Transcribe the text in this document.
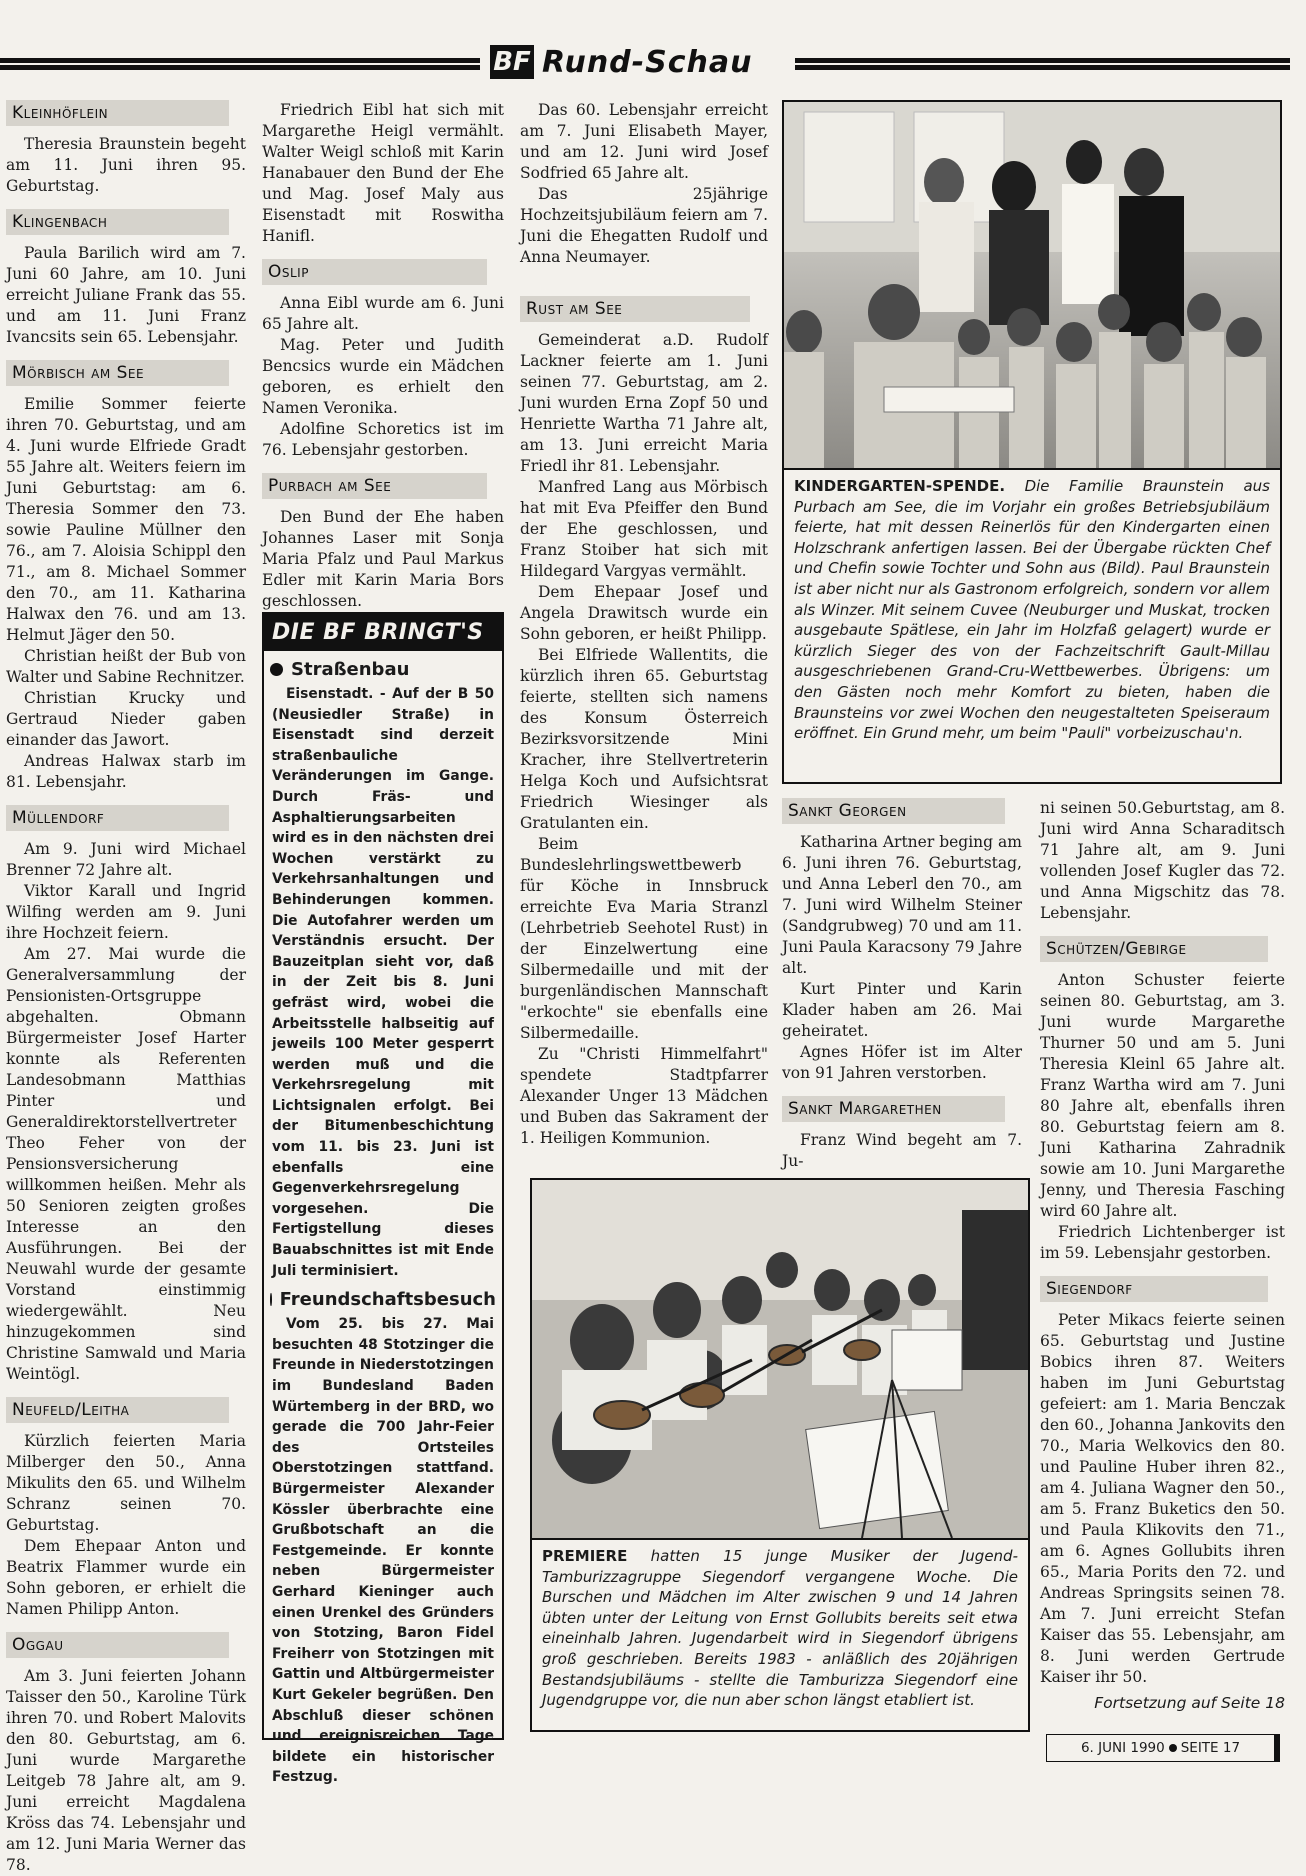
BF Rund-Schau
Kleinhöflein

Theresia Braunstein begeht am 11. Juni ihren 95. Geburtstag.

Klingenbach

Paula Barilich wird am 7. Juni 60 Jahre, am 10. Juni erreicht Juliane Frank das 55. und am 11. Juni Franz Ivancsits sein 65. Lebensjahr.

Mörbisch am See

Emilie Sommer feierte ihren 70. Geburtstag, und am 4. Juni wurde Elfriede Gradt 55 Jahre alt. Weiters feiern im Juni Geburtstag: am 6. Theresia Sommer den 73. sowie Pauline Müllner den 76., am 7. Aloisia Schippl den 71., am 8. Michael Sommer den 70., am 11. Katharina Halwax den 76. und am 13. Helmut Jäger den 50.

Christian heißt der Bub von Walter und Sabine Rechnitzer.

Christian Krucky und Gertraud Nieder gaben einander das Jawort.

Andreas Halwax starb im 81. Lebensjahr.

Müllendorf

Am 9. Juni wird Michael Brenner 72 Jahre alt.

Viktor Karall und Ingrid Wilfing werden am 9. Juni ihre Hochzeit feiern.

Am 27. Mai wurde die Generalversammlung der Pensionisten-Ortsgruppe abgehalten. Obmann Bürgermeister Josef Harter konnte als Referenten Landesobmann Matthias Pinter und Generaldirektorstellvertreter Theo Feher von der Pensionsversicherung willkommen heißen. Mehr als 50 Senioren zeigten großes Interesse an den Ausführungen. Bei der Neuwahl wurde der gesamte Vorstand einstimmig wiedergewählt. Neu hinzugekommen sind Christine Samwald und Maria Weintögl.

Neufeld/Leitha

Kürzlich feierten Maria Milberger den 50., Anna Mikulits den 65. und Wilhelm Schranz seinen 70. Geburtstag.

Dem Ehepaar Anton und Beatrix Flammer wurde ein Sohn geboren, er erhielt die Namen Philipp Anton.

Oggau

Am 3. Juni feierten Johann Taisser den 50., Karoline Türk ihren 70. und Robert Malovits den 80. Geburtstag, am 6. Juni wurde Margarethe Leitgeb 78 Jahre alt, am 9. Juni erreicht Magdalena Kröss das 74. Lebensjahr und am 12. Juni Maria Werner das 78.

Friedrich Eibl hat sich mit Margarethe Heigl vermählt. Walter Weigl schloß mit Karin Hanabauer den Bund der Ehe und Mag. Josef Maly aus Eisenstadt mit Roswitha Hanifl.

Oslip

Anna Eibl wurde am 6. Juni 65 Jahre alt.

Mag. Peter und Judith Bencsics wurde ein Mädchen geboren, es erhielt den Namen Veronika.

Adolfine Schoretics ist im 76. Lebensjahr gestorben.

Purbach am See

Den Bund der Ehe haben Johannes Laser mit Sonja Maria Pfalz und Paul Markus Edler mit Karin Maria Bors geschlossen.

DIE BF BRINGT'S
Straßenbau

Eisenstadt. - Auf der B 50 (Neusiedler Straße) in Eisenstadt sind derzeit straßenbauliche Veränderungen im Gange. Durch Fräs- und Asphaltierungsarbeiten wird es in den nächsten drei Wochen verstärkt zu Verkehrsanhaltungen und Behinderungen kommen. Die Autofahrer werden um Verständnis ersucht. Der Bauzeitplan sieht vor, daß in der Zeit bis 8. Juni gefräst wird, wobei die Arbeitsstelle halbseitig auf jeweils 100 Meter gesperrt werden muß und die Verkehrsregelung mit Lichtsignalen erfolgt. Bei der Bitumenbeschichtung vom 11. bis 23. Juni ist ebenfalls eine Gegenverkehrsregelung vorgesehen. Die Fertigstellung dieses Bauabschnittes ist mit Ende Juli terminisiert.

Freundschaftsbesuch

Vom 25. bis 27. Mai besuchten 48 Stotzinger die Freunde in Niederstotzingen im Bundesland Baden Würtemberg in der BRD, wo gerade die 700 Jahr-Feier des Ortsteiles Oberstotzingen stattfand. Bürgermeister Alexander Kössler überbrachte eine Grußbotschaft an die Festgemeinde. Er konnte neben Bürgermeister Gerhard Kieninger auch einen Urenkel des Gründers von Stotzing, Baron Fidel Freiherr von Stotzingen mit Gattin und Altbürgermeister Kurt Gekeler begrüßen. Den Abschluß dieser schönen und ereignisreichen Tage bildete ein historischer Festzug.

Das 60. Lebensjahr erreicht am 7. Juni Elisabeth Mayer, und am 12. Juni wird Josef Sodfried 65 Jahre alt.

Das 25jährige Hochzeitsjubiläum feiern am 7. Juni die Ehegatten Rudolf und Anna Neumayer.

Rust am See

Gemeinderat a.D. Rudolf Lackner feierte am 1. Juni seinen 77. Geburtstag, am 2. Juni wurden Erna Zopf 50 und Henriette Wartha 71 Jahre alt, am 13. Juni erreicht Maria Friedl ihr 81. Lebensjahr.

Manfred Lang aus Mörbisch hat mit Eva Pfeiffer den Bund der Ehe geschlossen, und Franz Stoiber hat sich mit Hildegard Vargyas vermählt.

Dem Ehepaar Josef und Angela Drawitsch wurde ein Sohn geboren, er heißt Philipp.

Bei Elfriede Wallentits, die kürzlich ihren 65. Geburtstag feierte, stellten sich namens des Konsum Österreich Bezirksvorsitzende Mini Kracher, ihre Stellvertreterin Helga Koch und Aufsichtsrat Friedrich Wiesinger als Gratulanten ein.

Beim Bundeslehrlingswettbewerb für Köche in Innsbruck erreichte Eva Maria Stranzl (Lehrbetrieb Seehotel Rust) in der Einzelwertung eine Silbermedaille und mit der burgenländischen Mannschaft "erkochte" sie ebenfalls eine Silbermedaille.

Zu "Christi Himmelfahrt" spendete Stadtpfarrer Alexander Unger 13 Mädchen und Buben das Sakrament der 1. Heiligen Kommunion.

KINDERGARTEN-SPENDE. Die Familie Braunstein aus Purbach am See, die im Vorjahr ein großes Betriebsjubiläum feierte, hat mit dessen Reinerlös für den Kindergarten einen Holzschrank anfertigen lassen. Bei der Übergabe rückten Chef und Chefin sowie Tochter und Sohn aus (Bild). Paul Braunstein ist aber nicht nur als Gastronom erfolgreich, sondern vor allem als Winzer. Mit seinem Cuvee (Neuburger und Muskat, trocken ausgebaute Spätlese, ein Jahr im Holzfaß gelagert) wurde er kürzlich Sieger des von der Fachzeitschrift Gault-Millau ausgeschriebenen Grand-Cru-Wettbewerbes. Übrigens: um den Gästen noch mehr Komfort zu bieten, haben die Braunsteins vor zwei Wochen den neugestalteten Speiseraum eröffnet. Ein Grund mehr, um beim "Pauli" vorbeizuschau'n.
Sankt Georgen

Katharina Artner beging am 6. Juni ihren 76. Geburtstag, und Anna Leberl den 70., am 7. Juni wird Wilhelm Steiner (Sandgrubweg) 70 und am 11. Juni Paula Karacsony 79 Jahre alt.

Kurt Pinter und Karin Klader haben am 26. Mai geheiratet.

Agnes Höfer ist im Alter von 91 Jahren verstorben.

Sankt Margarethen

Franz Wind begeht am 7. Ju-

ni seinen 50.Geburtstag, am 8. Juni wird Anna Scharaditsch 71 Jahre alt, am 9. Juni vollenden Josef Kugler das 72. und Anna Migschitz das 78. Lebensjahr.

Schützen/Gebirge

Anton Schuster feierte seinen 80. Geburtstag, am 3. Juni wurde Margarethe Thurner 50 und am 5. Juni Theresia Kleinl 65 Jahre alt. Franz Wartha wird am 7. Juni 80 Jahre alt, ebenfalls ihren 80. Geburtstag feiern am 8. Juni Katharina Zahradnik sowie am 10. Juni Margarethe Jenny, und Theresia Fasching wird 60 Jahre alt.

Friedrich Lichtenberger ist im 59. Lebensjahr gestorben.

Siegendorf

Peter Mikacs feierte seinen 65. Geburtstag und Justine Bobics ihren 87. Weiters haben im Juni Geburtstag gefeiert: am 1. Maria Benczak den 60., Johanna Jankovits den 70., Maria Welkovics den 80. und Pauline Huber ihren 82., am 4. Juliana Wagner den 50., am 5. Franz Buketics den 50. und Paula Klikovits den 71., am 6. Agnes Gollubits ihren 65., Maria Porits den 72. und Andreas Springsits seinen 78. Am 7. Juni erreicht Stefan Kaiser das 55. Lebensjahr, am 8. Juni werden Gertrude Kaiser ihr 50.

PREMIERE hatten 15 junge Musiker der Jugend-Tamburizzagruppe Siegendorf vergangene Woche. Die Burschen und Mädchen im Alter zwischen 9 und 14 Jahren übten unter der Leitung von Ernst Gollubits bereits seit etwa eineinhalb Jahren. Jugendarbeit wird in Siegendorf übrigens groß geschrieben. Bereits 1983 - anläßlich des 20jährigen Bestandsjubiläums - stellte die Tamburizza Siegendorf eine Jugendgruppe vor, die nun aber schon längst etabliert ist.	Fortsetzung auf Seite 18
6. JUNI 1990 SEITE 17
